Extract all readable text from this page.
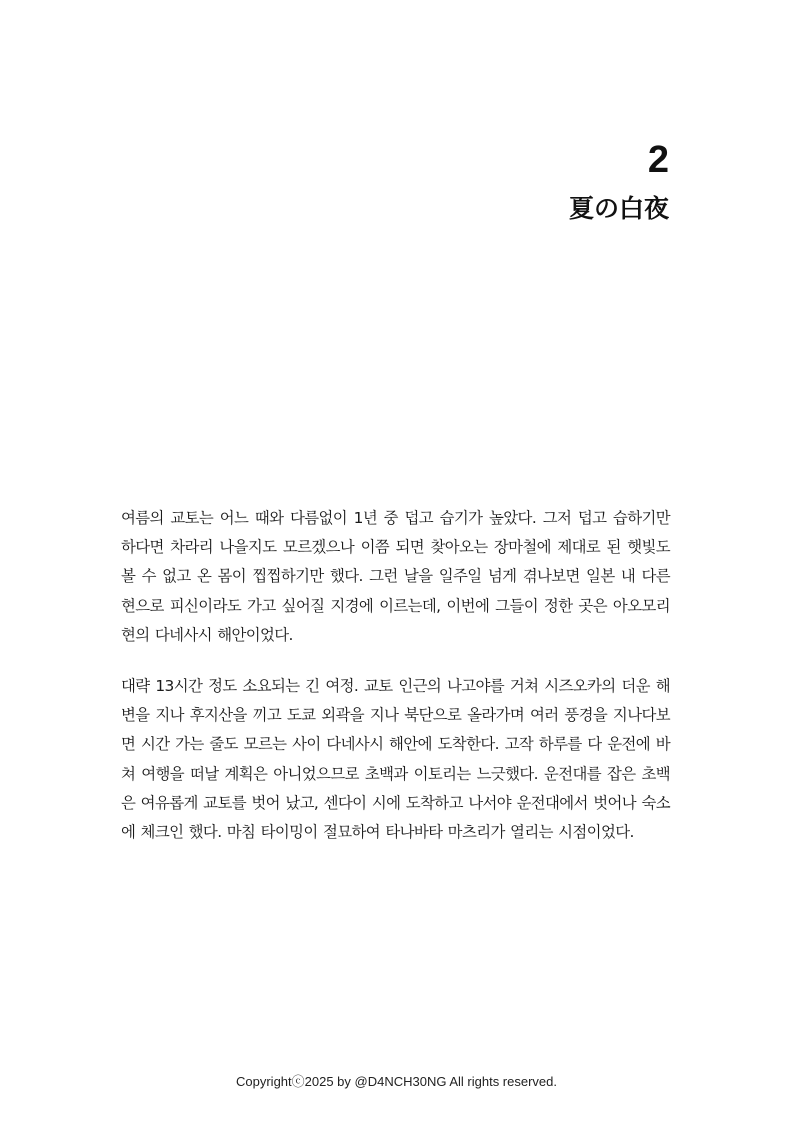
2
夏の白夜

여름의 교토는 어느 때와 다름없이 1년 중 덥고 습기가 높았다. 그저 덥고 습하기만 하다면 차라리 나을지도 모르겠으나 이쯤 되면 찾아오는 장마철에 제대로 된 햇빛도 볼 수 없고 온 몸이 찝찝하기만 했다. 그런 날을 일주일 넘게 겪나보면 일본 내 다른 현으로 피신이라도 가고 싶어질 지경에 이르는데, 이번에 그들이 정한 곳은 아오모리 현의 다네사시 해안이었다.

대략 13시간 정도 소요되는 긴 여정. 교토 인근의 나고야를 거쳐 시즈오카의 더운 해변을 지나 후지산을 끼고 도쿄 외곽을 지나 북단으로 올라가며 여러 풍경을 지나다보면 시간 가는 줄도 모르는 사이 다네사시 해안에 도착한다. 고작 하루를 다 운전에 바쳐 여행을 떠날 계획은 아니었으므로 초백과 이토리는 느긋했다. 운전대를 잡은 초백은 여유롭게 교토를 벗어 났고, 센다이 시에 도착하고 나서야 운전대에서 벗어나 숙소에 체크인 했다. 마침 타이밍이 절묘하여 타나바타 마츠리가 열리는 시점이었다.

Copyrightⓒ2025 by @D4NCH30NG All rights reserved.
